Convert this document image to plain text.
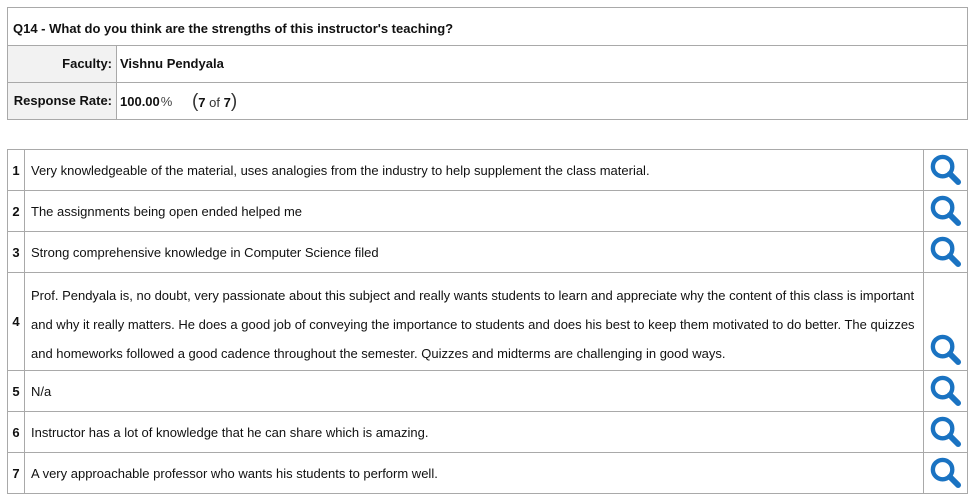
Q14 - What do you think are the strengths of this instructor's teaching?
Faculty: Vishnu Pendyala
Response Rate: 100.00% (7 of 7)
1	Very knowledgeable of the material, uses analogies from the industry to help supplement the class material.	

2	The assignments being open ended helped me	

3	Strong comprehensive knowledge in Computer Science filed	

4	Prof. Pendyala is, no doubt, very passionate about this subject and really wants students to learn and appreciate why the content of this class is important and why it really matters. He does a good job of conveying the importance to students and does his best to keep them motivated to do better. The quizzes and homeworks followed a good cadence throughout the semester. Quizzes and midterms are challenging in good ways.	

5	N/a	

6	Instructor has a lot of knowledge that he can share which is amazing.	

7	A very approachable professor who wants his students to perform well.	
